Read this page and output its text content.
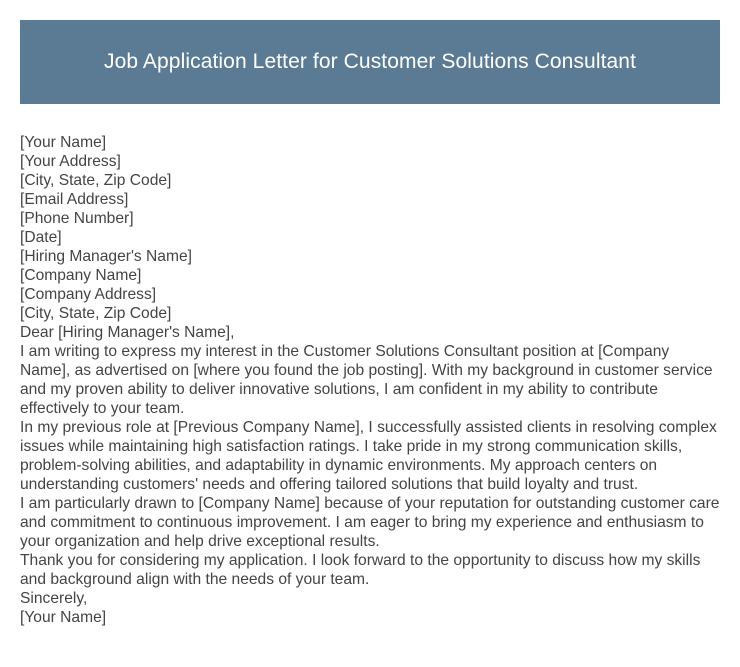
Job Application Letter for Customer Solutions Consultant
[Your Name]
[Your Address]
[City, State, Zip Code]
[Email Address]
[Phone Number]
[Date]
[Hiring Manager's Name]
[Company Name]
[Company Address]
[City, State, Zip Code]
Dear [Hiring Manager's Name],

I am writing to express my interest in the Customer Solutions Consultant position at [Company Name], as advertised on [where you found the job posting]. With my background in customer service and my proven ability to deliver innovative solutions, I am confident in my ability to contribute effectively to your team.

In my previous role at [Previous Company Name], I successfully assisted clients in resolving complex issues while maintaining high satisfaction ratings. I take pride in my strong communication skills, problem-solving abilities, and adaptability in dynamic environments. My approach centers on understanding customers' needs and offering tailored solutions that build loyalty and trust.

I am particularly drawn to [Company Name] because of your reputation for outstanding customer care and commitment to continuous improvement. I am eager to bring my experience and enthusiasm to your organization and help drive exceptional results.

Thank you for considering my application. I look forward to the opportunity to discuss how my skills and background align with the needs of your team.

Sincerely,
[Your Name]
